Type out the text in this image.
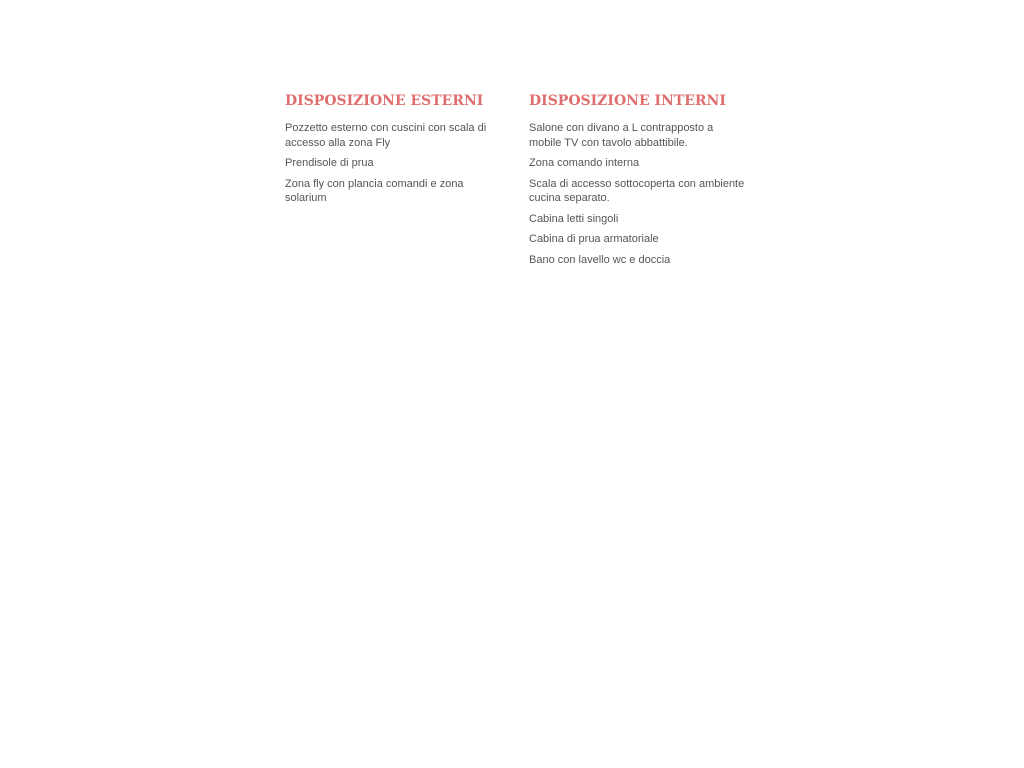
DISPOSIZIONE ESTERNI
Pozzetto esterno con cuscini con scala di accesso alla zona Fly
Prendisole di prua
Zona fly con plancia comandi e zona solarium
DISPOSIZIONE INTERNI
Salone con divano a L contrapposto a mobile TV con tavolo abbattibile.
Zona comando interna
Scala di accesso sottocoperta con ambiente cucina separato.
Cabina letti singoli
Cabina di prua armatoriale
Bano con lavello wc e doccia
